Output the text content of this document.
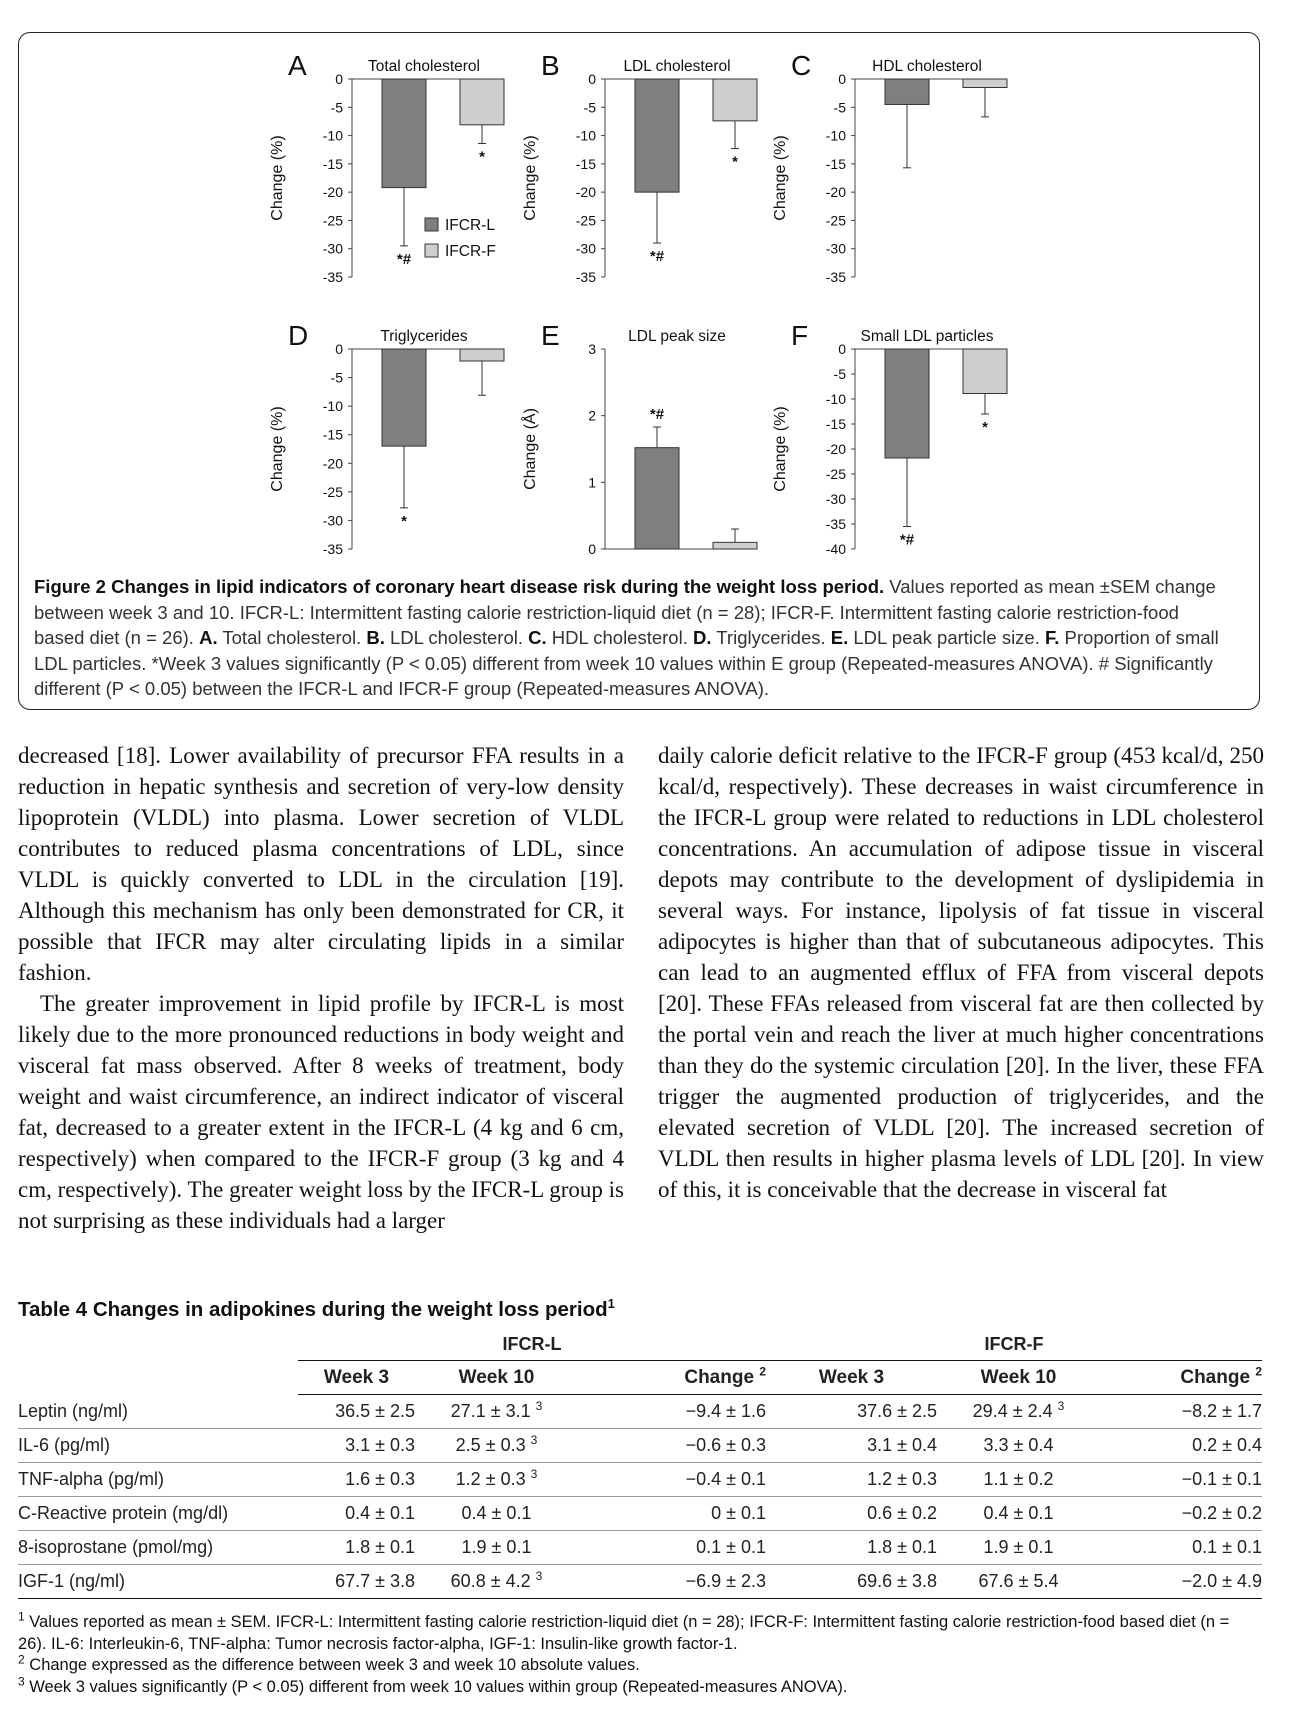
A	Total cholesterol
0
-5
-10
-15
-20
-25
-30
-35
Change (%)
*#
*
B	LDL cholesterol
0
-5
-10
-15
-20
-25
-30
-35
Change (%)
*#
*
C	HDL cholesterol
0
-5
-10
-15
-20
-25
-30
-35
Change (%)
D	Triglycerides
0
-5
-10
-15
-20
-25
-30
-35
Change (%)
*
E	LDL peak size
0
1
2
3
Change (Å)	*#
F	Small LDL particles
0
-5
-10
-15
-20
-25
-30
-35
-40
Change (%)
*#
*
IFCR-L
IFCR-F
Figure 2 Changes in lipid indicators of coronary heart disease risk during the weight loss period. Values reported as mean ±SEM change between week 3 and 10. IFCR-L: Intermittent fasting calorie restriction-liquid diet (n = 28); IFCR-F. Intermittent fasting calorie restriction-food based diet (n = 26). A. Total cholesterol. B. LDL cholesterol. C. HDL cholesterol. D. Triglycerides. E. LDL peak particle size. F. Proportion of small LDL particles. *Week 3 values significantly (P < 0.05) different from week 10 values within E group (Repeated-measures ANOVA). # Significantly different (P < 0.05) between the IFCR-L and IFCR-F group (Repeated-measures ANOVA).

decreased [18]. Lower availability of precursor FFA results in a reduction in hepatic synthesis and secretion of very-low density lipoprotein (VLDL) into plasma. Lower secretion of VLDL contributes to reduced plasma concentrations of LDL, since VLDL is quickly converted to LDL in the circulation [19]. Although this mechanism has only been demonstrated for CR, it possible that IFCR may alter circulating lipids in a similar fashion.

The greater improvement in lipid profile by IFCR-L is most likely due to the more pronounced reductions in body weight and visceral fat mass observed. After 8 weeks of treatment, body weight and waist circumference, an indirect indicator of visceral fat, decreased to a greater extent in the IFCR-L (4 kg and 6 cm, respectively) when compared to the IFCR-F group (3 kg and 4 cm, respectively). The greater weight loss by the IFCR-L group is not surprising as these individuals had a larger

daily calorie deficit relative to the IFCR-F group (453 kcal/d, 250 kcal/d, respectively). These decreases in waist circumference in the IFCR-L group were related to reductions in LDL cholesterol concentrations. An accumulation of adipose tissue in visceral depots may contribute to the development of dyslipidemia in several ways. For instance, lipolysis of fat tissue in visceral adipocytes is higher than that of subcutaneous adipocytes. This can lead to an augmented efflux of FFA from visceral depots [20]. These FFAs released from visceral fat are then collected by the portal vein and reach the liver at much higher concentrations than they do the systemic circulation [20]. In the liver, these FFA trigger the augmented production of triglycerides, and the elevated secretion of VLDL [20]. The increased secretion of VLDL then results in higher plasma levels of LDL [20]. In view of this, it is conceivable that the decrease in visceral fat

Table 4 Changes in adipokines during the weight loss period$^1$
	IFCR-L			IFCR-F		
	Week 3	Week 10	Change $^2$	Week 3	Week 10	Change $^2$
Leptin (ng/ml)	36.5 ± 2.5	27.1 ± 3.1 $^3$	−9.4 ± 1.6	37.6 ± 2.5	29.4 ± 2.4 $^3$	−8.2 ± 1.7
IL-6 (pg/ml)	3.1 ± 0.3	2.5 ± 0.3 $^3$	−0.6 ± 0.3	3.1 ± 0.4	3.3 ± 0.4	0.2 ± 0.4
TNF-alpha (pg/ml)	1.6 ± 0.3	1.2 ± 0.3 $^3$	−0.4 ± 0.1	1.2 ± 0.3	1.1 ± 0.2	−0.1 ± 0.1
C-Reactive protein (mg/dl)	0.4 ± 0.1	0.4 ± 0.1	0 ± 0.1	0.6 ± 0.2	0.4 ± 0.1	−0.2 ± 0.2
8-isoprostane (pmol/mg)	1.8 ± 0.1	1.9 ± 0.1	0.1 ± 0.1	1.8 ± 0.1	1.9 ± 0.1	0.1 ± 0.1
IGF-1 (ng/ml)	67.7 ± 3.8	60.8 ± 4.2 $^3$	−6.9 ± 2.3	69.6 ± 3.8	67.6 ± 5.4	−2.0 ± 4.9
$^1$ Values reported as mean ± SEM. IFCR-L: Intermittent fasting calorie restriction-liquid diet (n = 28); IFCR-F: Intermittent fasting calorie restriction-food based diet (n = 26). IL-6: Interleukin-6, TNF-alpha: Tumor necrosis factor-alpha, IGF-1: Insulin-like growth factor-1.
$^2$ Change expressed as the difference between week 3 and week 10 absolute values.
$^3$ Week 3 values significantly (P < 0.05) different from week 10 values within group (Repeated-measures ANOVA).
